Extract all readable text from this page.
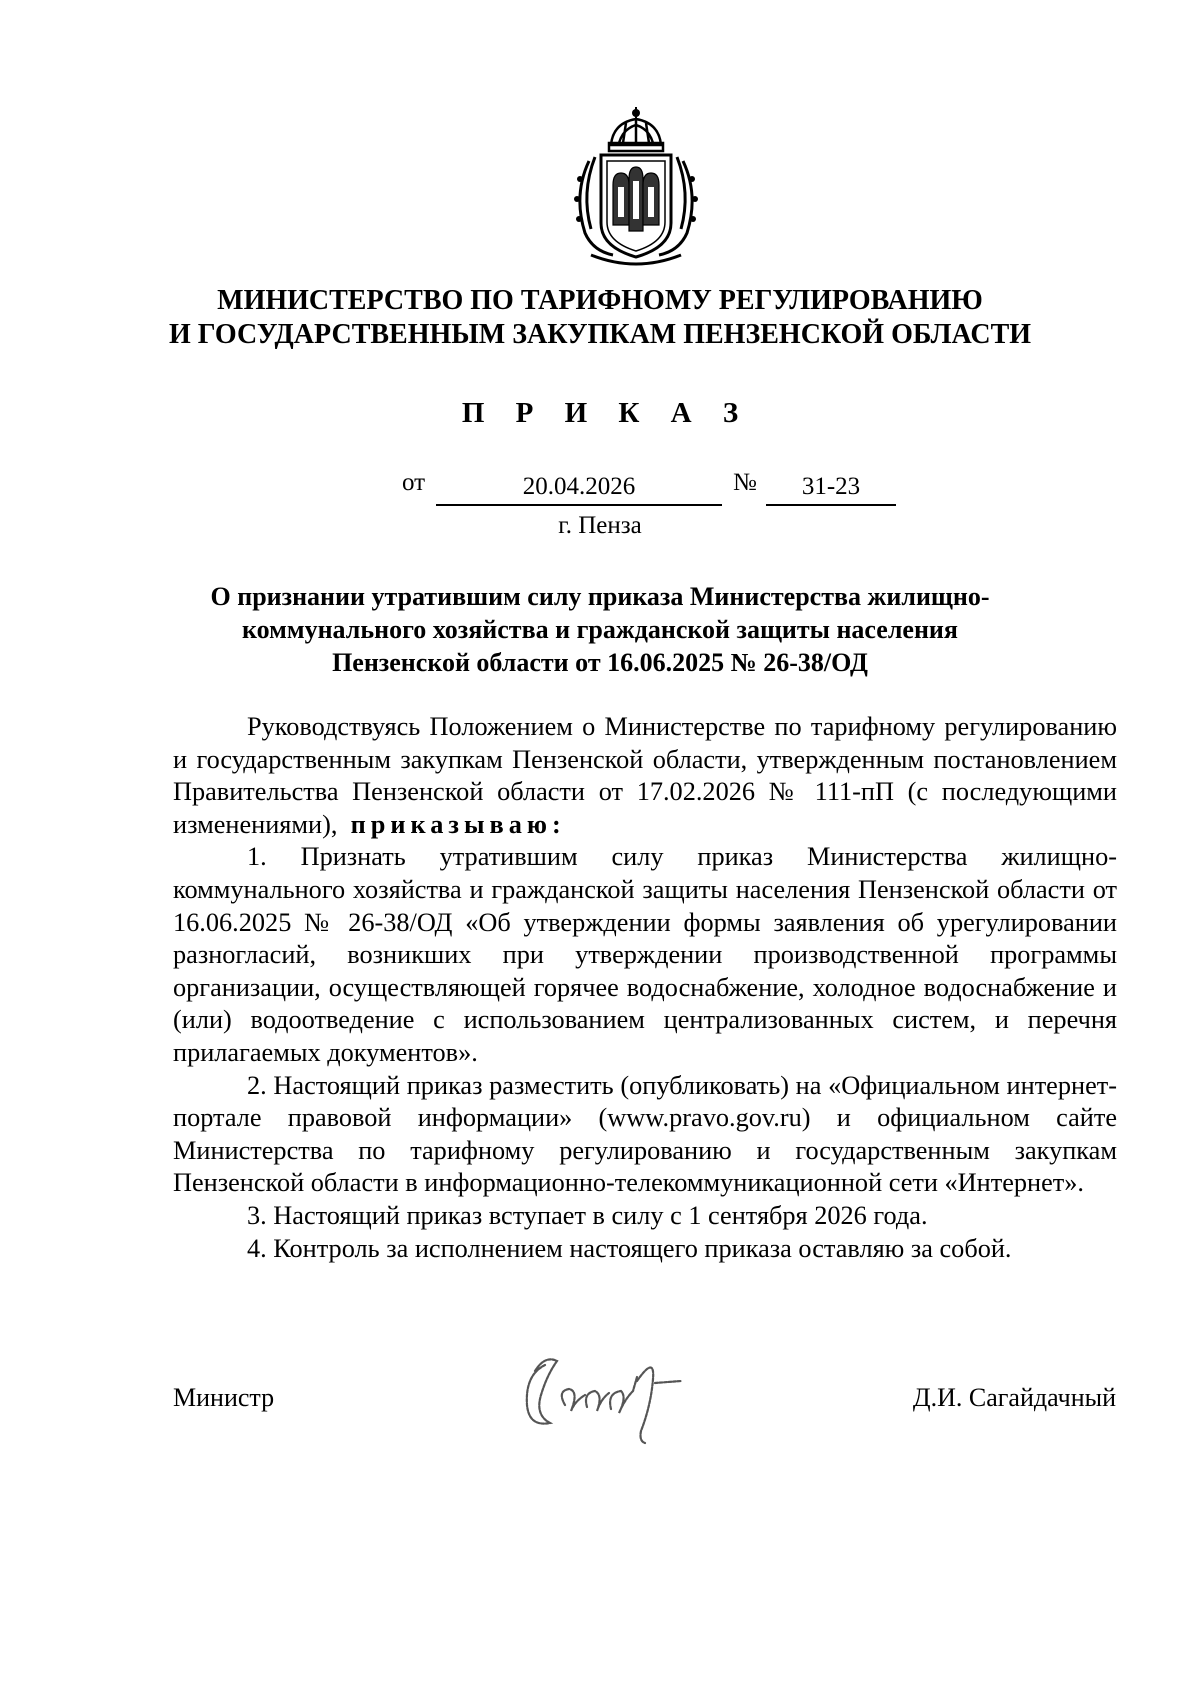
МИНИСТЕРСТВО ПО ТАРИФНОМУ РЕГУЛИРОВАНИЮ
И ГОСУДАРСТВЕННЫМ ЗАКУПКАМ ПЕНЗЕНСКОЙ ОБЛАСТИ
П Р И К А З
от	20.04.2026	№	31-23
г. Пенза
О признании утратившим силу приказа Министерства жилищно-
коммунального хозяйства и гражданской защиты населения
Пензенской области от 16.06.2025 № 26-38/ОД

Руководствуясь Положением о Министерстве по тарифному регулированию и государственным закупкам Пензенской области, утвержденным постановлением Правительства Пензенской области от 17.02.2026 № 111-пП (с последующими изменениями), приказываю:

1. Признать утратившим силу приказ Министерства жилищно-коммунального хозяйства и гражданской защиты населения Пензенской области от 16.06.2025 № 26-38/ОД «Об утверждении формы заявления об урегулировании разногласий, возникших при утверждении производственной программы организации, осуществляющей горячее водоснабжение, холодное водоснабжение и (или) водоотведение с использованием централизованных систем, и перечня прилагаемых документов».

2. Настоящий приказ разместить (опубликовать) на «Официальном интернет-портале правовой информации» (www.pravo.gov.ru) и официальном сайте Министерства по тарифному регулированию и государственным закупкам Пензенской области в информационно-телекоммуникационной сети «Интернет».

3. Настоящий приказ вступает в силу с 1 сентября 2026 года.

4. Контроль за исполнением настоящего приказа оставляю за собой.

Министр	Д.И. Сагайдачный
